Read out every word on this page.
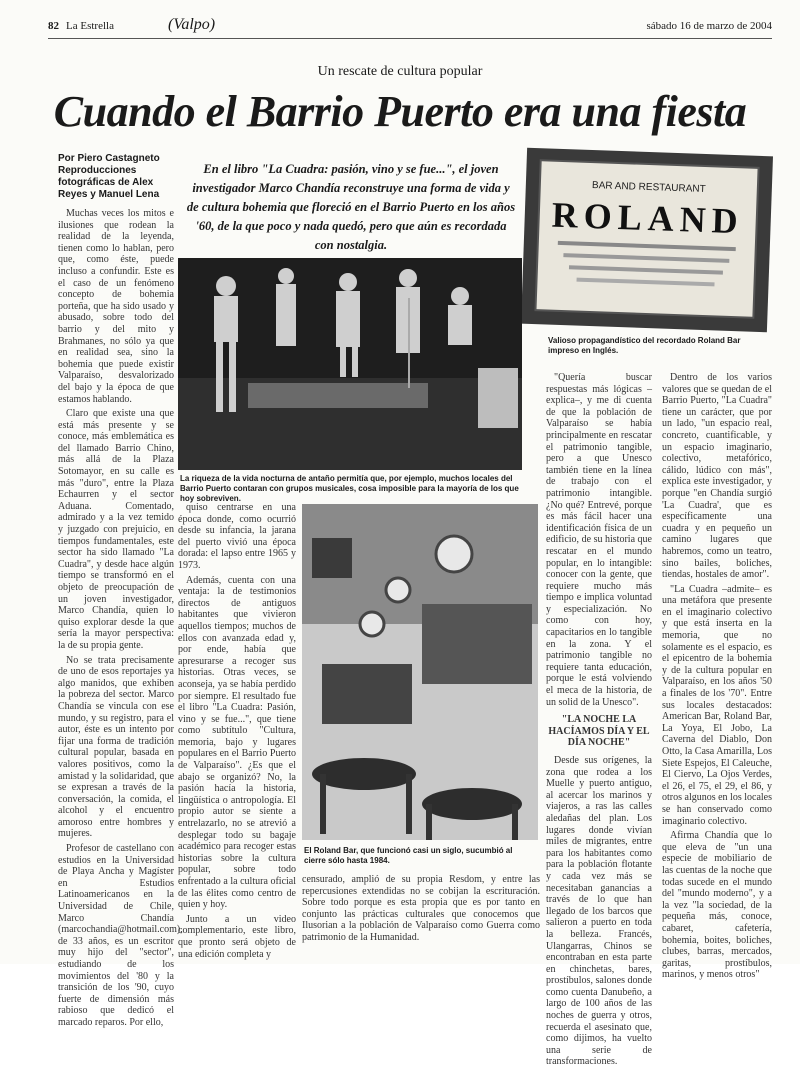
82 La Estrella	(Valpo)	sábado 16 de marzo de 2004
Un rescate de cultura popular
Cuando el Barrio Puerto era una fiesta
Por Piero Castagneto Reproducciones fotográficas de Alex Reyes y Manuel Lena
En el libro "La Cuadra: pasión, vino y se fue...", el joven investigador Marco Chandía reconstruye una forma de vida y de cultura bohemia que floreció en el Barrio Puerto en los años '60, de la que poco y nada quedó, pero que aún es recordada con nostalgia.
BAR AND RESTAURANT
ROLAND
Valioso propagandístico del recordado Roland Bar impreso en Inglés.
La riqueza de la vida nocturna de antaño permitía que, por ejemplo, muchos locales del Barrio Puerto contaran con grupos musicales, cosa imposible para la mayoría de los que hoy sobreviven.
El Roland Bar, que funcionó casi un siglo, sucumbió al cierre sólo hasta 1984.

Muchas veces los mitos e ilusiones que rodean la realidad de la leyenda, tienen como lo hablan, pero que, como éste, puede incluso a confundir. Este es el caso de un fenómeno concepto de bohemia porteña, que ha sido usado y abusado, sobre todo del barrio y del mito y Brahmanes, no sólo ya que en realidad sea, sino la bohemia que puede existir Valparaíso, desvalorizado del bajo y la época de que estamos hablando.

Claro que existe una que está más presente y se conoce, más emblemática es del llamado Barrio Chino, más allá de la Plaza Sotomayor, en su calle es más "duro", entre la Plaza Echaurren y el sector Aduana. Comentado, admirado y a la vez temido y juzgado con prejuicio, en tiempos fundamentales, este sector ha sido llamado "La Cuadra", y desde hace algún tiempo se transformó en el objeto de preocupación de un joven investigador, Marco Chandía, quien lo quiso explorar desde la que sería la mayor perspectiva: la de su propia gente.

No se trata precisamente de uno de esos reportajes ya algo manidos, que exhiben la pobreza del sector. Marco Chandía se vincula con ese mundo, y su registro, para el autor, éste es un intento por fijar una forma de tradición cultural popular, basada en valores positivos, como la amistad y la solidaridad, que se expresan a través de la conversación, la comida, el alcohol y el encuentro amoroso entre hombres y mujeres.

Profesor de castellano con estudios en la Universidad de Playa Ancha y Magíster en Estudios Latinoamericanos en la Universidad de Chile, Marco Chandía (marcochandia@hotmail.com), de 33 años, es un escritor muy hijo del "sector", estudiando de los movimientos del '80 y la transición de los '90, cuyo fuerte de dimensión más rabioso que dedicó el marcado reparos. Por ello,

quiso centrarse en una época donde, como ocurrió desde su infancia, la jarana del puerto vivió una época dorada: el lapso entre 1965 y 1973.

Además, cuenta con una ventaja: la de testimonios directos de antiguos habitantes que vivieron aquellos tiempos; muchos de ellos con avanzada edad y, por ende, había que apresurarse a recoger sus historias. Otras veces, se aconseja, ya se había perdido por siempre. El resultado fue el libro "La Cuadra: Pasión, vino y se fue...", que tiene como subtítulo "Cultura, memoria, bajo y lugares populares en el Barrio Puerto de Valparaíso". ¿Es que el abajo se organizó? No, la pasión hacía la historia, lingüística o antropología. El propio autor se siente a entrelazarlo, no se atrevió a desplegar todo su bagaje académico para recoger estas historias sobre la cultura popular, sobre todo enfrentado a la cultura oficial de las élites como centro de quien y hoy.

Junto a un video complementario, este libro, que pronto será objeto de una edición completa y

censurado, amplió de su propia Resdom, y entre las repercusiones extendidas no se cobijan la escrituración. Sobre todo porque es esta propia que es por tanto en conjunto las prácticas culturales que conocemos que Ilusorian a la población de Valparaíso como Guerra como patrimonio de la Humanidad.

"Quería buscar respuestas más lógicas –explica–, y me di cuenta de que la población de Valparaíso se había principalmente en rescatar el patrimonio tangible, pero a que Unesco también tiene en la línea de trabajo con el patrimonio intangible. ¿No qué? Entrevé, porque es más fácil hacer una identificación física de un edificio, de su historia que rescatar en el mundo popular, en lo intangible: conocer con la gente, que requiere mucho más tiempo e implica voluntad y especialización. No como con hoy, capacitarios en lo tangible en la zona. Y el patrimonio tangible no requiere tanta educación, porque le está volviendo el meca de la historia, de un solid de la Unesco".

"LA NOCHE LA HACÍAMOS DÍA Y EL DÍA NOCHE"

Desde sus orígenes, la zona que rodea a los Muelle y puerto antiguo, al acercar los marinos y viajeros, a ras las calles aledañas del plan. Los lugares donde vivían miles de migrantes, entre para los habitantes como para la población flotante y cada vez más se necesitaban ganancias a través de lo que han llegado de los barcos que salieron a puerto en toda la belleza. Francés, Ulangarras, Chinos se encontraban en esta parte en chinchetas, bares, prostíbulos, salones donde como cuenta Danubeño, a largo de 100 años de las noches de guerra y otros, recuerda el asesinato que, como dijimos, ha vuelto una serie de transformaciones.

Dentro de los varios valores que se quedan de el Barrio Puerto, "La Cuadra" tiene un carácter, que por un lado, "un espacio real, concreto, cuantificable, y un espacio imaginario, colectivo, metafórico, cálido, lúdico con más", explica este investigador, y porque "en Chandía surgió 'La Cuadra', que es específicamente una cuadra y en pequeño un camino lugares que habremos, como un teatro, sino bailes, boliches, tiendas, hostales de amor".

"La Cuadra –admite– es una metáfora que presente en el imaginario colectivo y que está inserta en la memoria, que no solamente es el espacio, es el epicentro de la bohemia y de la cultura popular en Valparaíso, en los años '50 a finales de los '70". Entre sus locales destacados: American Bar, Roland Bar, La Yoya, El Jobo, La Caverna del Diablo, Don Otto, la Casa Amarilla, Los Siete Espejos, El Caleuche, El Ciervo, La Ojos Verdes, el 26, el 75, el 29, el 86, y otros algunos en los locales se han conservado como imaginario colectivo.

Afirma Chandía que lo que eleva de "un una especie de mobiliario de las cuentas de la noche que todas sucede en el mundo del "mundo moderno", y a la vez "la sociedad, de la pequeña más, conoce, cabaret, cafetería, bohemia, boites, boliches, clubes, barras, mercados, garitas, prostíbulos, marinos, y menos otros"
